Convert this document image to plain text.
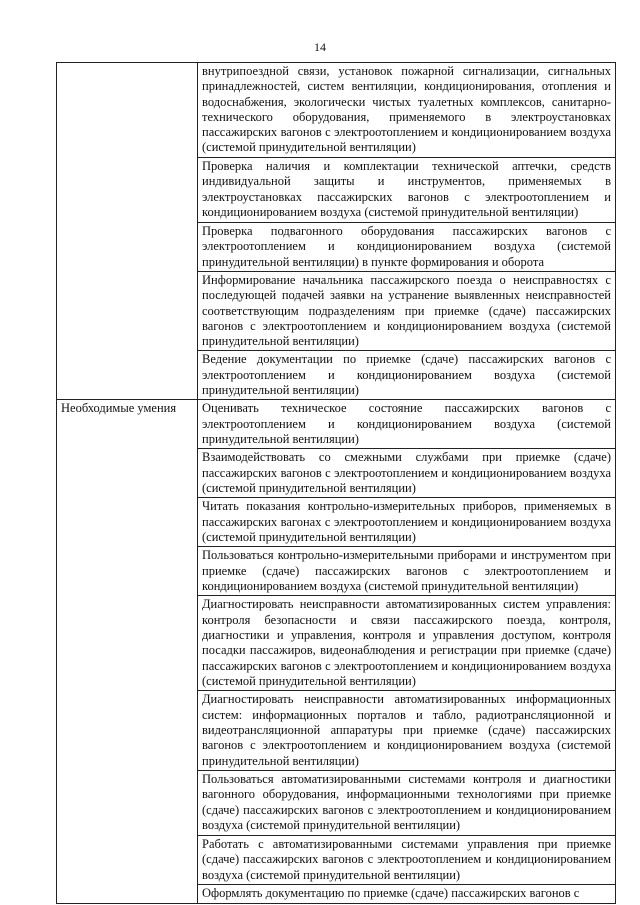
14
	внутрипоездной связи, установок пожарной сигнализации, сигнальных принадлежностей, систем вентиляции, кондиционирования, отопления и водоснабжения, экологически чистых туалетных комплексов, санитарно-технического оборудования, применяемого в электроустановках пассажирских вагонов с электроотоплением и кондиционированием воздуха (системой принудительной вентиляции)
	Проверка наличия и комплектации технической аптечки, средств индивидуальной защиты и инструментов, применяемых в электроустановках пассажирских вагонов с электроотоплением и кондиционированием воздуха (системой принудительной вентиляции)
	Проверка подвагонного оборудования пассажирских вагонов с электроотоплением и кондиционированием воздуха (системой принудительной вентиляции) в пункте формирования и оборота
	Информирование начальника пассажирского поезда о неисправностях с последующей подачей заявки на устранение выявленных неисправностей соответствующим подразделениям при приемке (сдаче) пассажирских вагонов с электроотоплением и кондиционированием воздуха (системой принудительной вентиляции)
	Ведение документации по приемке (сдаче) пассажирских вагонов с электроотоплением и кондиционированием воздуха (системой принудительной вентиляции)
Необходимые умения	Оценивать техническое состояние пассажирских вагонов с электроотоплением и кондиционированием воздуха (системой принудительной вентиляции)
	Взаимодействовать со смежными службами при приемке (сдаче) пассажирских вагонов с электроотоплением и кондиционированием воздуха (системой принудительной вентиляции)
	Читать показания контрольно-измерительных приборов, применяемых в пассажирских вагонах с электроотоплением и кондиционированием воздуха (системой принудительной вентиляции)
	Пользоваться контрольно-измерительными приборами и инструментом при приемке (сдаче) пассажирских вагонов с электроотоплением и кондиционированием воздуха (системой принудительной вентиляции)
	Диагностировать неисправности автоматизированных систем управления: контроля безопасности и связи пассажирского поезда, контроля, диагностики и управления, контроля и управления доступом, контроля посадки пассажиров, видеонаблюдения и регистрации при приемке (сдаче) пассажирских вагонов с электроотоплением и кондиционированием воздуха (системой принудительной вентиляции)
	Диагностировать неисправности автоматизированных информационных систем: информационных порталов и табло, радиотрансляционной и видеотрансляционной аппаратуры при приемке (сдаче) пассажирских вагонов с электроотоплением и кондиционированием воздуха (системой принудительной вентиляции)
	Пользоваться автоматизированными системами контроля и диагностики вагонного оборудования, информационными технологиями при приемке (сдаче) пассажирских вагонов с электроотоплением и кондиционированием воздуха (системой принудительной вентиляции)
	Работать с автоматизированными системами управления при приемке (сдаче) пассажирских вагонов с электроотоплением и кондиционированием воздуха (системой принудительной вентиляции)
	Оформлять документацию по приемке (сдаче) пассажирских вагонов с
